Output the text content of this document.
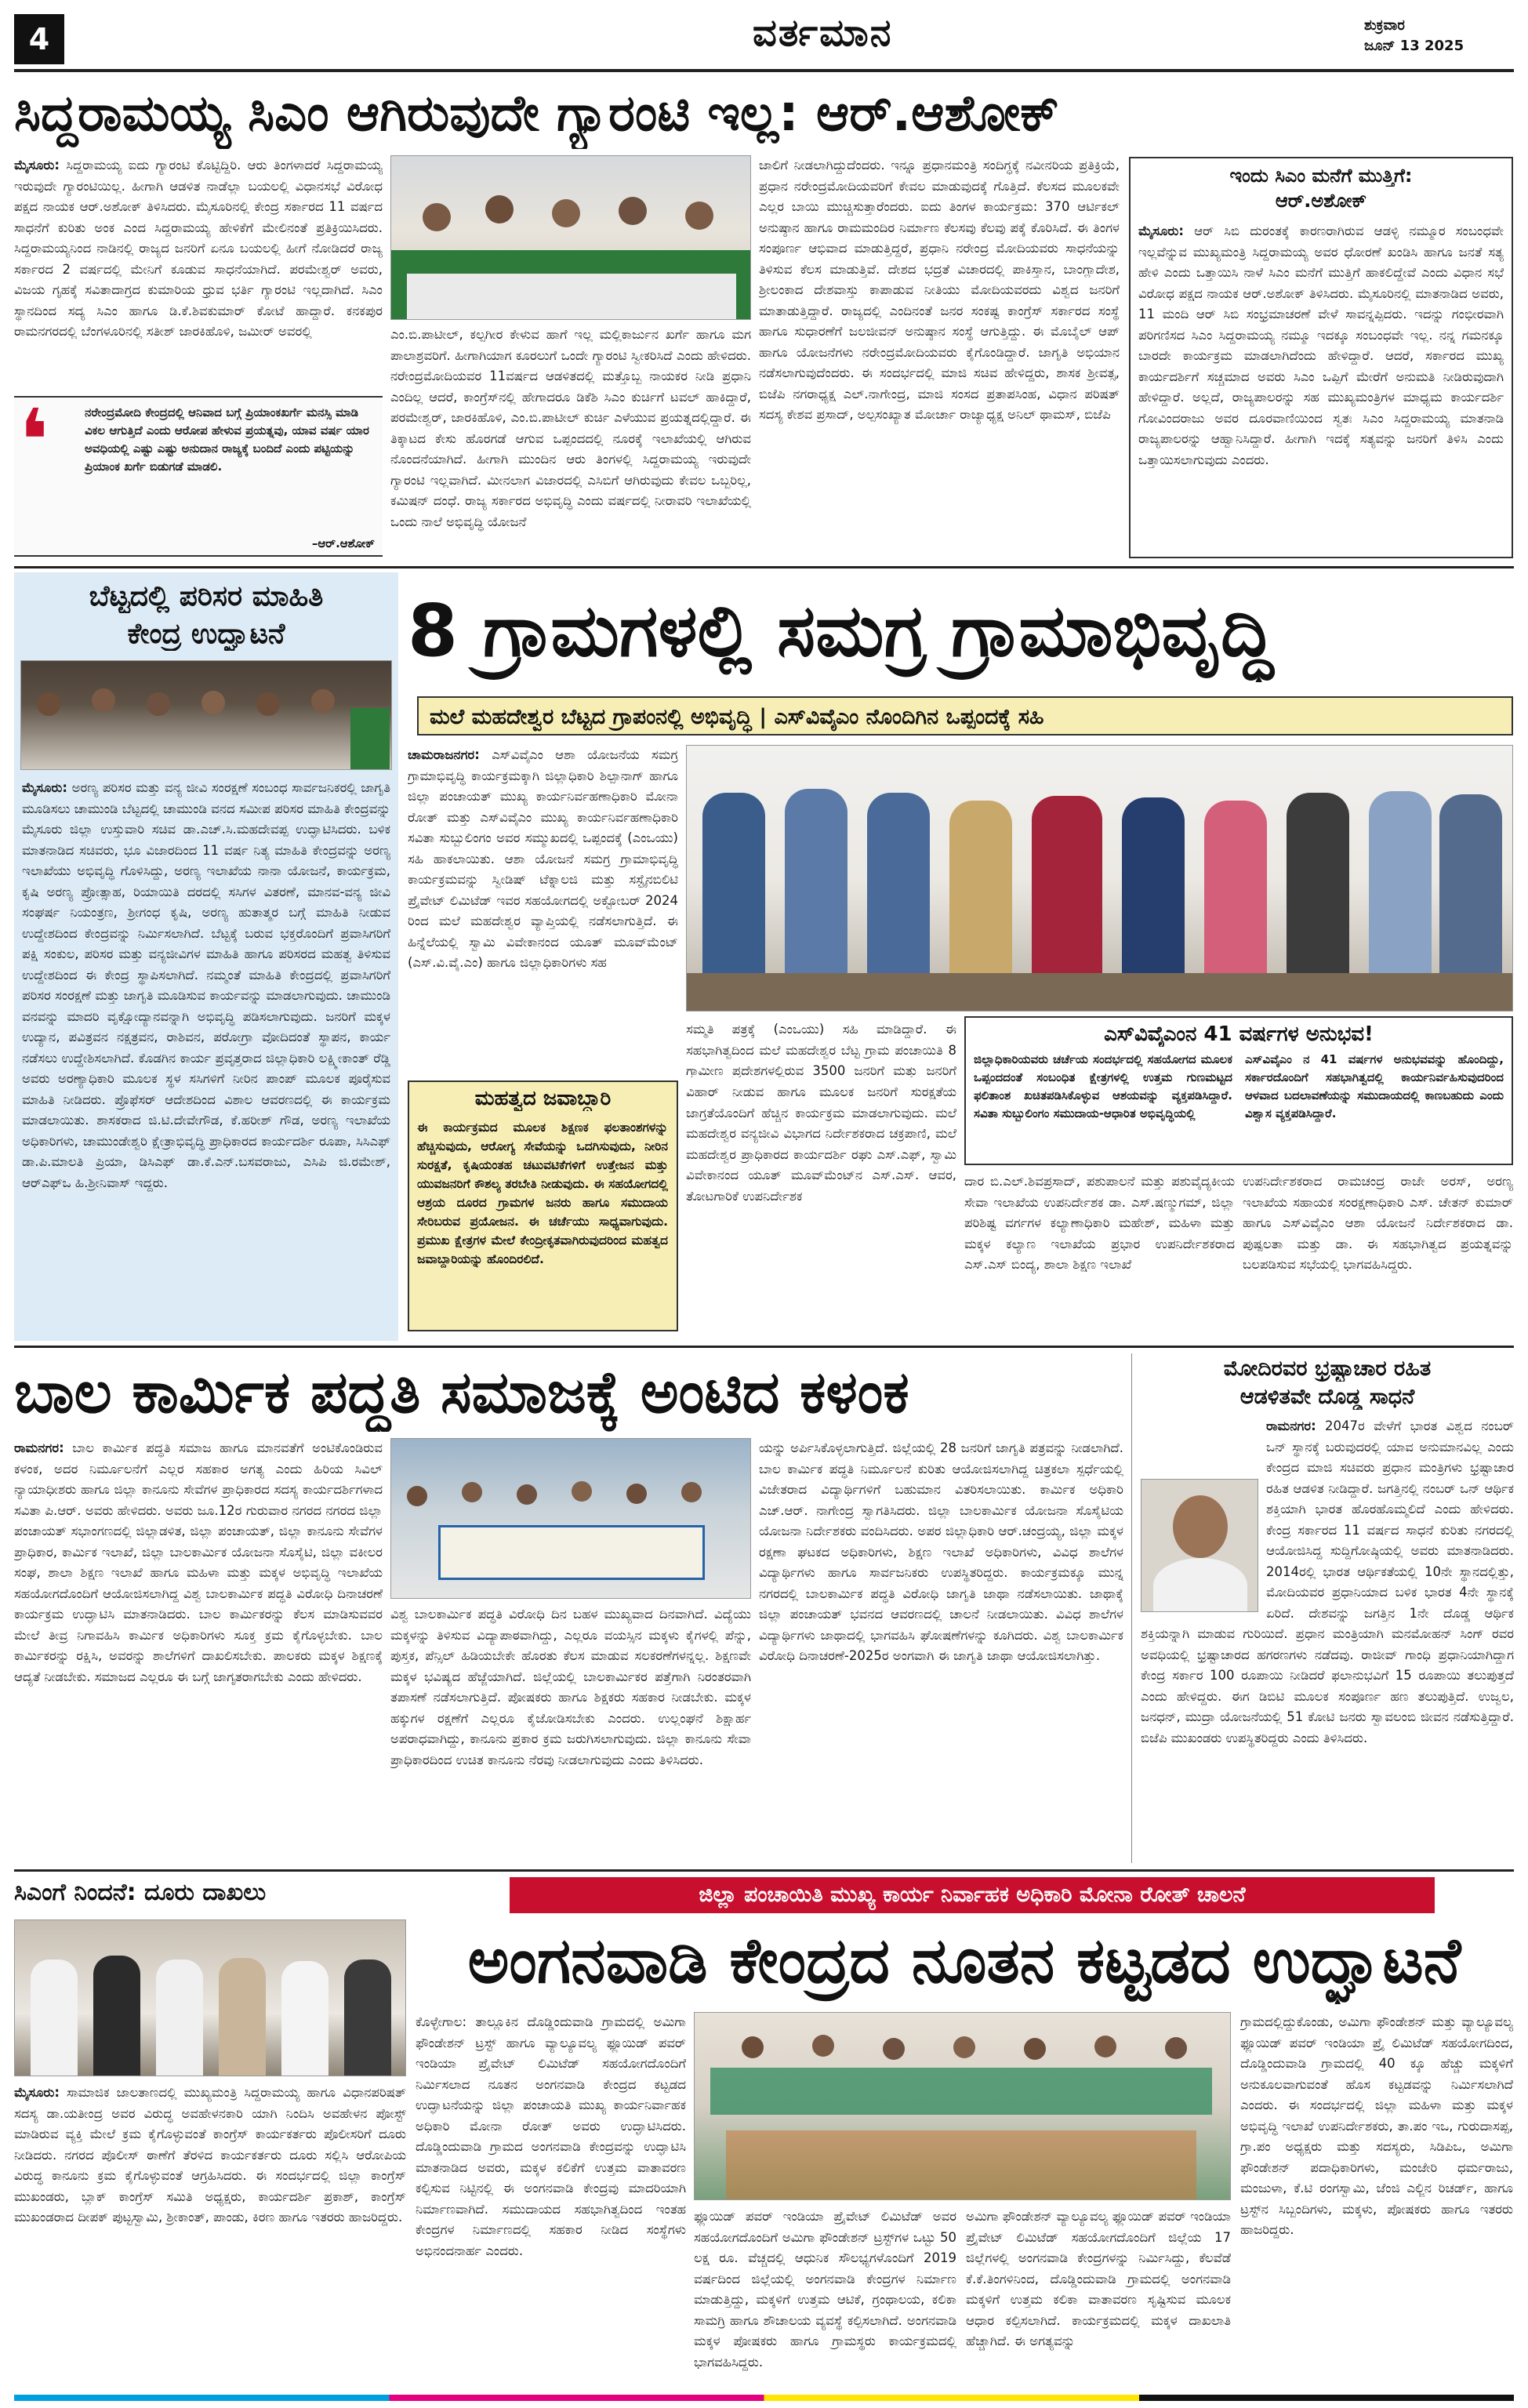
4	ವರ್ತಮಾನ	ಶುಕ್ರವಾರ
ಜೂನ್ 13 2025
ಸಿದ್ದರಾಮಯ್ಯ ಸಿಎಂ ಆಗಿರುವುದೇ ಗ್ಯಾರಂಟಿ ಇಲ್ಲ: ಆರ್.ಆಶೋಕ್
ಮೈಸೂರು: ಸಿದ್ದರಾಮಯ್ಯ ಐದು ಗ್ಯಾರಂಟಿ ಕೊಟ್ಟಿದ್ದಿರಿ. ಆರು ತಿಂಗಳಾದರೆ ಸಿದ್ದರಾಮಯ್ಯ ಇರುವುದೇ ಗ್ಯಾರಂಟಿಯಿಲ್ಲ. ಹೀಗಾಗಿ ಆಡಳಿತ ನಾಡೆಲ್ಲಾ ಬಯಲಲ್ಲಿ ವಿಧಾನಸಭೆ ವಿರೋಧ ಪಕ್ಷದ ನಾಯಕ ಆರ್.ಅಶೋಕ್ ತಿಳಿಸಿದರು. ಮೈಸೂರಿನಲ್ಲಿ ಕೇಂದ್ರ ಸರ್ಕಾರದ 11 ವರ್ಷದ ಸಾಧನೆಗೆ ಕುರಿತು ಅಂಕ ಎಂದ ಸಿದ್ದರಾಮಯ್ಯ ಹೇಳಿಕೆಗೆ ಮೇಲಿನಂತೆ ಪ್ರತಿಕ್ರಿಯಿಸಿದರು. ಸಿದ್ದರಾಮಯ್ಯನಿಂದ ನಾಡಿನಲ್ಲಿ ರಾಜ್ಯದ ಜನರಿಗೆ ಏನೂ ಬಯಲಲ್ಲಿ ಹೀಗೆ ನೋಡಿದರೆ ರಾಜ್ಯ ಸರ್ಕಾರದ 2 ವರ್ಷದಲ್ಲಿ ಮೇನಿಗೆ ಕೂಡುವ ಸಾಧನೆಯಾಗಿದೆ. ಪರಮೇಶ್ವರ್ ಅವರು, ವಿಜಯ ಗೃಹಕ್ಕೆ ಸವಿತಾದಾಗ್ರದ ಕುಮಾರಿಯ ಧ್ರುವ ಭರ್ತಿ ಗ್ಯಾರಂಟಿ ಇಲ್ಲದಾಗಿದೆ. ಸಿಎಂ ಸ್ಥಾನದಿಂದ ಸದ್ಯ ಸಿಎಂ ಹಾಗೂ ಡಿ.ಕೆ.ಶಿವಕುಮಾರ್ ಕೋಟೆ ಹಾದ್ದಾರೆ. ಕನಕಪುರ ರಾಮನಗರದಲ್ಲಿ ಬೆಂಗಳೂರಿನಲ್ಲಿ ಸತೀಶ್ ಜಾರಕಿಹೊಳಿ, ಜಮೀರ್ ಅವರಲ್ಲಿ
❛	ನರೇಂದ್ರಮೋದಿ ಕೇಂದ್ರದಲ್ಲಿ ಆನಿವಾದ ಬಗ್ಗೆ ಪ್ರಿಯಾಂಕಖರ್ಗೆ ಮನಸ್ಸಿ ಮಾಡಿ ವಿಕಲ ಆಗುತ್ತಿದೆ ಎಂದು ಆರೋಪ ಹೇಳುವ ಪ್ರಯತ್ನವು, ಯಾವ ವರ್ಷ ಯಾರ ಅವಧಿಯಲ್ಲಿ ಎಷ್ಟು ಎಷ್ಟು ಅನುದಾನ ರಾಜ್ಯಕ್ಕೆ ಬಂದಿದೆ ಎಂದು ಪಟ್ಟಿಯನ್ನು ಪ್ರಿಯಾಂಕ ಖರ್ಗೆ ಬಿಡುಗಡೆ ಮಾಡಲಿ.
–ಆರ್.ಆಶೋಕ್
ಎಂ.ಬಿ.ಪಾಟೀಲ್, ಕಲ್ಪಗೀರ ಕೇಳುವ ಹಾಗೆ ಇಲ್ಲ ಮಲ್ಲಿಕಾರ್ಜುನ ಖರ್ಗೆ ಹಾಗೂ ಮಗ ಪಾಲಾಶ್ರವರಿಗೆ. ಹೀಗಾಗಿಯಾಗ ಕೂರಲುಗೆ ಒಂದೇ ಗ್ಯಾರಂಟಿ ಸ್ವೀಕರಿಸಿದೆ ಎಂದು ಹೇಳಿದರು. ನರೇಂದ್ರಮೋದಿಯವರ 11ವರ್ಷದ ಆಡಳಿತದಲ್ಲಿ ಮತ್ತೊಬ್ಬ ನಾಯಕರ ನೀಡಿ ಪ್ರಧಾನಿ ಎಂದಿಲ್ಲ ಆದರೆ, ಕಾಂಗ್ರೆಸ್‌ನಲ್ಲಿ ಹೇಗಾದರೂ ಡಿಕೆಶಿ ಸಿಎಂ ಕುರ್ಚಿಗೆ ಟವಲ್ ಹಾಕಿದ್ದಾರೆ, ಪರಮೇಶ್ವರ್, ಜಾರಕಿಹೊಳಿ, ಎಂ.ಬಿ.ಪಾಟೀಲ್ ಕುರ್ಚಿ ಎಳೆಯುವ ಪ್ರಯತ್ನದಲ್ಲಿದ್ದಾರೆ. ಈ ತಿಕ್ಕಾಟದ ಕೇಸು ಹೊರಗಡೆ ಆಗುವ ಒಪ್ಪಂದದಲ್ಲಿ ನೂರಕ್ಕೆ ಇಲಾಖೆಯಲ್ಲಿ ಆಗಿರುವ ನೊಂದನೆಯಾಗಿದೆ. ಹೀಗಾಗಿ ಮುಂದಿನ ಆರು ತಿಂಗಳಲ್ಲಿ ಸಿದ್ದರಾಮಯ್ಯ ಇರುವುದೇ ಗ್ಯಾರಂಟಿ ಇಲ್ಲವಾಗಿದೆ. ಮೀನಲಾಗ ವಿಜಾರದಲ್ಲಿ ಎಸಿಬಿಗೆ ಆಗಿರುವುದು ಕೇವಲ ಒಬ್ಬರಿಲ್ಲ, ಕಮಿಷನ್ ದಂಧೆ. ರಾಜ್ಯ ಸರ್ಕಾರದ ಅಭಿವೃದ್ಧಿ ಎಂದು ವರ್ಷದಲ್ಲಿ ನೀರಾವರಿ ಇಲಾಖೆಯಲ್ಲಿ ಒಂದು ನಾಲೆ ಅಭಿವೃದ್ಧಿ ಯೋಜನೆ
ಜಾಲಿಗೆ ನೀಡಲಾಗಿದ್ದುದೆಂದರು. ಇನ್ನೂ ಪ್ರಧಾನಮಂತ್ರಿ ಸಂದಿಗ್ಧಕ್ಕೆ ನವೀನರಿಯ ಪ್ರತಿಕ್ರಿಯೆ, ಪ್ರಧಾನ ನರೇಂದ್ರಮೋದಿಯವರಿಗೆ ಕೇವಲ ಮಾಡುವುದಕ್ಕೆ ಗೊತ್ತಿದೆ. ಕೆಲಸದ ಮೂಲಕವೇ ಎಲ್ಲರ ಬಾಯಿ ಮುಚ್ಚಿಸುತ್ತಾರೆಂದರು. ಐದು ತಿಂಗಳ ಕಾರ್ಯಕ್ರಮ: 370 ಆರ್ಟಿಕಲ್ ಅನುಷ್ಠಾನ ಹಾಗೂ ರಾಮಮಂದಿರ ನಿರ್ಮಾಣ ಕೆಲಸವು ಕೆಲವು ಪಕ್ಕೆ ಕೊರಿಸಿದೆ. ಈ ತಿಂಗಳ ಸಂಪೂರ್ಣ ಆಭಿವಾದ ಮಾಡುತ್ತಿದ್ದರೆ, ಪ್ರಧಾನಿ ನರೇಂದ್ರ ಮೋದಿಯವರು ಸಾಧನೆಯನ್ನು ತಿಳಿಸುವ ಕೆಲಸ ಮಾಡುತ್ತಿವೆ. ದೇಶದ ಭದ್ರತೆ ವಿಚಾರದಲ್ಲಿ ಪಾಕಿಸ್ತಾನ, ಬಾಂಗ್ಲಾದೇಶ, ಶ್ರೀಲಂಕಾದ ದೇಶವಾಸ್ತು ಕಾಪಾಡುವ ನೀತಿಯು ಮೋದಿಯವರದು ವಿಶ್ವದ ಜನರಿಗೆ ಮಾತಾಡುತ್ತಿದ್ದಾರೆ. ರಾಜ್ಯದಲ್ಲಿ ಎಂದಿನಂತೆ ಜನರ ಸಂಕಷ್ಟ ಕಾಂಗ್ರೆಸ್ ಸರ್ಕಾರದ ಸಂಸ್ಥೆ ಹಾಗೂ ಸುಧಾರಣೆಗೆ ಜಲಜೀವನ್ ಅನುಷ್ಠಾನ ಸಂಸ್ಥೆ ಆಗುತ್ತಿದ್ದು. ಈ ಮೊಬೈಲ್ ಆಪ್ ಹಾಗೂ ಯೋಜನೆಗಳು ನರೇಂದ್ರಮೋದಿಯವರು ಕೈಗೊಂಡಿದ್ದಾರೆ. ಜಾಗೃತಿ ಅಭಿಯಾನ ನಡೆಸಲಾಗುವುದೆಂದರು. ಈ ಸಂದರ್ಭದಲ್ಲಿ ಮಾಜಿ ಸಚಿವ ಹೇಳಿದ್ದರು, ಶಾಸಕ ಶ್ರೀವತ್ಸ, ಬಿಜೆಪಿ ನಗರಾಧ್ಯಕ್ಷ ಎಲ್.ನಾಗೇಂದ್ರ, ಮಾಜಿ ಸಂಸದ ಪ್ರತಾಪಸಿಂಹ, ವಿಧಾನ ಪರಿಷತ್ ಸದಸ್ಯ ಕೇಶವ ಪ್ರಸಾದ್, ಅಲ್ಪಸಂಖ್ಯಾತ ಮೋರ್ಚಾ ರಾಜ್ಯಾಧ್ಯಕ್ಷ ಅನಿಲ್ ಥಾಮಸ್, ಬಿಜೆಪಿ
ಇಂದು ಸಿಎಂ ಮನೆಗೆ ಮುತ್ತಿಗೆ:
ಆರ್.ಅಶೋಕ್
ಮೈಸೂರು: ಆರ್ ಸಿಬಿ ದುರಂತಕ್ಕೆ ಕಾರಣರಾಗಿರುವ ಆಡಳ್ಳಿ ನಮ್ಮೂರ ಸಂಬಂಧವೇ ಇಲ್ಲವೆನ್ನುವ ಮುಖ್ಯಮಂತ್ರಿ ಸಿದ್ದರಾಮಯ್ಯ ಅವರ ಧೋರಣೆ ಖಂಡಿಸಿ ಹಾಗೂ ಜನತೆ ಸತ್ಯ ಹೇಳಿ ಎಂದು ಒತ್ತಾಯಿಸಿ ನಾಳೆ ಸಿಎಂ ಮನೆಗೆ ಮುತ್ತಿಗೆ ಹಾಕಲಿದ್ದೇವೆ ಎಂದು ವಿಧಾನ ಸಭೆ ವಿರೋಧ ಪಕ್ಷದ ನಾಯಕ ಆರ್.ಅಶೋಕ್ ತಿಳಿಸಿದರು. ಮೈಸೂರಿನಲ್ಲಿ ಮಾತನಾಡಿದ ಅವರು, 11 ಮಂದಿ ಆರ್ ಸಿಬಿ ಸಂಭ್ರಮಾಚರಣೆ ವೇಳೆ ಸಾವನ್ನಪ್ಪಿದರು. ಇದನ್ನು ಗಂಭೀರವಾಗಿ ಪರಿಗಣಿಸದ ಸಿಎಂ ಸಿದ್ದರಾಮಯ್ಯ ನಮ್ಮೂ ಇದಕ್ಕೂ ಸಂಬಂಧವೇ ಇಲ್ಲ. ನನ್ನ ಗಮನಕ್ಕೂ ಬಾರದೇ ಕಾರ್ಯಕ್ರಮ ಮಾಡಲಾಗಿದೆಂದು ಹೇಳಿದ್ದಾರೆ. ಆದರೆ, ಸರ್ಕಾರದ ಮುಖ್ಯ ಕಾರ್ಯದರ್ಶಿಗೆ ಸಚ್ಚಮಾದ ಅವರು ಸಿಎಂ ಒಪ್ಪಿಗೆ ಮೇರೆಗೆ ಅನುಮತಿ ನೀಡಿರುವುದಾಗಿ ಹೇಳಿದ್ದಾರೆ. ಅಲ್ಲದೆ, ರಾಜ್ಯಪಾಲರನ್ನು ಸಹ ಮುಖ್ಯಮಂತ್ರಿಗಳ ಮಾಧ್ಯಮ ಕಾರ್ಯದರ್ಶಿ ಗೋವಿಂದರಾಜು ಅವರ ದೂರವಾಣಿಯಿಂದ ಸ್ವತಃ ಸಿಎಂ ಸಿದ್ದರಾಮಯ್ಯ ಮಾತನಾಡಿ ರಾಜ್ಯಪಾಲರನ್ನು ಆಹ್ವಾನಿಸಿದ್ದಾರೆ. ಹೀಗಾಗಿ ಇದಕ್ಕೆ ಸತ್ಯವನ್ನು ಜನರಿಗೆ ತಿಳಿಸಿ ಎಂದು ಒತ್ತಾಯಿಸಲಾಗುವುದು ಎಂದರು.
ಬೆಟ್ಟದಲ್ಲಿ ಪರಿಸರ ಮಾಹಿತಿ
ಕೇಂದ್ರ ಉದ್ಘಾಟನೆ
ಮೈಸೂರು: ಅರಣ್ಯ ಪರಿಸರ ಮತ್ತು ವನ್ಯ ಜೀವಿ ಸಂರಕ್ಷಣೆ ಸಂಬಂಧ ಸಾರ್ವಜನಿಕರಲ್ಲಿ ಜಾಗೃತಿ ಮೂಡಿಸಲು ಚಾಮುಂಡಿ ಬೆಟ್ಟದಲ್ಲಿ ಚಾಮುಂಡಿ ವನದ ಸಮೀಪ ಪರಿಸರ ಮಾಹಿತಿ ಕೇಂದ್ರವನ್ನು ಮೈಸೂರು ಜಿಲ್ಲಾ ಉಸ್ತುವಾರಿ ಸಚಿವ ಡಾ.ಎಚ್.ಸಿ.ಮಹದೇವಪ್ಪ ಉದ್ಘಾಟಿಸಿದರು. ಬಳಿಕ ಮಾತನಾಡಿದ ಸಚಿವರು, ಭೂ ವಿಜಾರದಿಂದ 11 ವರ್ಷ ನಿತ್ಯ ಮಾಹಿತಿ ಕೇಂದ್ರವನ್ನು ಅರಣ್ಯ ಇಲಾಖೆಯು ಅಭಿವೃದ್ಧಿ ಗೊಳಿಸಿದ್ದು, ಅರಣ್ಯ ಇಲಾಖೆಯ ನಾನಾ ಯೋಜನೆ, ಕಾರ್ಯಕ್ರಮ, ಕೃಷಿ ಅರಣ್ಯ ಪ್ರೋತ್ಸಾಹ, ರಿಯಾಯಿತಿ ದರದಲ್ಲಿ ಸಸಿಗಳ ವಿತರಣೆ, ಮಾನವ-ವನ್ಯ ಜೀವಿ ಸಂಘರ್ಷ ನಿಯಂತ್ರಣ, ಶ್ರೀಗಂಧ ಕೃಷಿ, ಅರಣ್ಯ ಹುತಾತ್ಮರ ಬಗ್ಗೆ ಮಾಹಿತಿ ನೀಡುವ ಉದ್ದೇಶದಿಂದ ಕೇಂದ್ರವನ್ನು ನಿರ್ಮಿಸಲಾಗಿದೆ. ಬೆಟ್ಟಕ್ಕೆ ಬರುವ ಭಕ್ತರೊಂದಿಗೆ ಪ್ರವಾಸಿಗರಿಗೆ ಪಕ್ಷಿ ಸಂಕುಲ, ಪರಿಸರ ಮತ್ತು ವನ್ಯಜೀವಿಗಳ ಮಾಹಿತಿ ಹಾಗೂ ಪರಿಸರದ ಮಹತ್ವ ತಿಳಿಸುವ ಉದ್ದೇಶದಿಂದ ಈ ಕೇಂದ್ರ ಸ್ಥಾಪಿಸಲಾಗಿದೆ. ನಮ್ಮಂತೆ ಮಾಹಿತಿ ಕೇಂದ್ರದಲ್ಲಿ ಪ್ರವಾಸಿಗರಿಗೆ ಪರಿಸರ ಸಂರಕ್ಷಣೆ ಮತ್ತು ಜಾಗೃತಿ ಮೂಡಿಸುವ ಕಾರ್ಯವನ್ನು ಮಾಡಲಾಗುವುದು. ಚಾಮುಂಡಿ ವನವನ್ನು ಮಾದರಿ ವೃಕ್ಷೋದ್ಯಾನವನ್ನಾಗಿ ಅಭಿವೃದ್ಧಿ ಪಡಿಸಲಾಗುವುದು. ಜನರಿಗೆ ಮಕ್ಕಳ ಉದ್ಯಾನ, ಪವಿತ್ರವನ ನಕ್ಷತ್ರವನ, ರಾಶಿವನ, ಪರೋಗ್ರಾ ವೋದಿದಂತೆ ಸ್ಥಾಪನ, ಕಾರ್ಯ ನಡೆಸಲು ಉದ್ದೇಶಿಸಲಾಗಿದೆ. ಕೊಡಗಿನ ಕಾರ್ಯ ಪ್ರವೃತ್ತರಾದ ಜಿಲ್ಲಾಧಿಕಾರಿ ಲಕ್ಷ್ಮೀಕಾಂತ್ ರೆಡ್ಡಿ ಅವರು ಅರಣ್ಯಾಧಿಕಾರಿ ಮೂಲಕ ಸ್ಥಳ ಸಸಿಗಳಿಗೆ ನೀರಿನ ಪಾಂಪ್ ಮೂಲಕ ಪೂರೈಸುವ ಮಾಹಿತಿ ನೀಡಿದರು. ಪ್ರೊಫೆಸರ್ ಆದೇಶದಿಂದ ವಿಶಾಲ ಆವರಣದಲ್ಲಿ ಈ ಕಾರ್ಯಕ್ರಮ ಮಾಡಲಾಯಿತು. ಶಾಸಕರಾದ ಜಿ.ಟಿ.ದೇವೇಗೌಡ, ಕೆ.ಹರೀಶ್ ಗೌಡ, ಅರಣ್ಯ ಇಲಾಖೆಯ ಅಧಿಕಾರಿಗಳು, ಚಾಮುಂಡೇಶ್ವರಿ ಕ್ಷೇತ್ರಾಭಿವೃದ್ಧಿ ಪ್ರಾಧಿಕಾರದ ಕಾರ್ಯದರ್ಶಿ ರೂಪಾ, ಸಿಸಿಎಫ್ ಡಾ.ಪಿ.ಮಾಲತಿ ಪ್ರಿಯಾ, ಡಿಸಿಎಫ್ ಡಾ.ಕೆ.ಎನ್.ಬಸವರಾಜು, ಎಸಿಪಿ ಜಿ.ರಮೇಶ್, ಆರ್‌ಎಫ್ಒ ಹಿ.ಶ್ರೀನಿವಾಸ್ ಇದ್ದರು.
8 ಗ್ರಾಮಗಳಲ್ಲಿ ಸಮಗ್ರ ಗ್ರಾಮಾಭಿವೃದ್ಧಿ
ಮಲೆ ಮಹದೇಶ್ವರ ಬೆಟ್ಟದ ಗ್ರಾಪಂನಲ್ಲಿ ಅಭಿವೃದ್ಧಿ | ಎಸ್‌ವಿವೈಎಂ ನೊಂದಿಗಿನ ಒಪ್ಪಂದಕ್ಕೆ ಸಹಿ
ಚಾಮರಾಜನಗರ: ಎಸ್‌ವಿವೈಎಂ ಆಶಾ ಯೋಜನೆಯ ಸಮಗ್ರ ಗ್ರಾಮಾಭಿವೃದ್ಧಿ ಕಾರ್ಯಕ್ರಮಕ್ಕಾಗಿ ಜಿಲ್ಲಾಧಿಕಾರಿ ಶಿಲ್ಪಾನಾಗ್ ಹಾಗೂ ಜಿಲ್ಲಾ ಪಂಚಾಯತ್ ಮುಖ್ಯ ಕಾರ್ಯನಿರ್ವಹಣಾಧಿಕಾರಿ ಮೋನಾ ರೋತ್ ಮತ್ತು ಎಸ್‌ವಿವೈಎಂ ಮುಖ್ಯ ಕಾರ್ಯನಿರ್ವಹಣಾಧಿಕಾರಿ ಸವಿತಾ ಸುಬ್ಬುಲಿಂಗಂ ಅವರ ಸಮ್ಮುಖದಲ್ಲಿ ಒಪ್ಪಂದಕ್ಕೆ (ಎಂಒಯು) ಸಹಿ ಹಾಕಲಾಯಿತು. ಆಶಾ ಯೋಜನೆ ಸಮಗ್ರ ಗ್ರಾಮಾಭಿವೃದ್ಧಿ ಕಾರ್ಯಕ್ರಮವನ್ನು ಸ್ವೀಡಿಷ್ ಟೆಕ್ನಾಲಜಿ ಮತ್ತು ಸಸ್ಟೈನಬಿಲಿಟಿ ಪ್ರೈವೇಟ್ ಲಿಮಿಟೆಡ್ ಇವರ ಸಹಯೋಗದಲ್ಲಿ ಅಕ್ಟೋಬರ್ 2024 ರಿಂದ ಮಲೆ ಮಹದೇಶ್ವರ ವ್ಯಾಪ್ತಿಯಲ್ಲಿ ನಡೆಸಲಾಗುತ್ತಿದೆ. ಈ ಹಿನ್ನೆಲೆಯಲ್ಲಿ ಸ್ವಾಮಿ ವಿವೇಕಾನಂದ ಯೂತ್ ಮೂವ್‌ಮೆಂಟ್ (ಎಸ್.ವಿ.ವೈ.ಎಂ) ಹಾಗೂ ಜಿಲ್ಲಾಧಿಕಾರಿಗಳು ಸಹ
ಸಮ್ಮತಿ ಪತ್ರಕ್ಕೆ (ಎಂಒಯು) ಸಹಿ ಮಾಡಿದ್ದಾರೆ. ಈ ಸಹಭಾಗಿತ್ವದಿಂದ ಮಲೆ ಮಹದೇಶ್ವರ ಬೆಟ್ಟ ಗ್ರಾಮ ಪಂಚಾಯಿತಿ 8 ಗ್ರಾಮೀಣ ಪ್ರದೇಶಗಳಲ್ಲಿರುವ 3500 ಜನರಿಗೆ ಮತ್ತು ಜನರಿಗೆ
ಎಸ್‌ವಿವೈಎಂನ 41 ವರ್ಷಗಳ ಅನುಭವ!
ಜಿಲ್ಲಾಧಿಕಾರಿಯವರು ಚರ್ಚೆಯ ಸಂದರ್ಭದಲ್ಲಿ ಸಹಯೋಗದ ಮೂಲಕ ಒಪ್ಪಂದದಂತೆ ಸಂಬಂಧಿತ ಕ್ಷೇತ್ರಗಳಲ್ಲಿ ಉತ್ತಮ ಗುಣಮಟ್ಟದ ಫಲಿತಾಂಶ ಖಚಿತಪಡಿಸಿಕೊಳ್ಳುವ ಆಶಯವನ್ನು ವ್ಯಕ್ತಪಡಿಸಿದ್ದಾರೆ. ಸವಿತಾ ಸುಬ್ಬುಲಿಂಗಂ ಸಮುದಾಯ-ಆಧಾರಿತ ಅಭಿವೃದ್ಧಿಯಲ್ಲಿ
ಎಸ್‌ವಿವೈಎಂ ನ 41 ವರ್ಷಗಳ ಅನುಭವವನ್ನು ಹೊಂದಿದ್ದು, ಸರ್ಕಾರದೊಂದಿಗೆ ಸಹಭಾಗಿತ್ವದಲ್ಲಿ ಕಾರ್ಯನಿರ್ವಹಿಸುವುದರಿಂದ ಆಳವಾದ ಬದಲಾವಣೆಯನ್ನು ಸಮುದಾಯದಲ್ಲಿ ಕಾಣಬಹುದು ಎಂದು ವಿಶ್ವಾಸ ವ್ಯಕ್ತಪಡಿಸಿದ್ದಾರೆ.
ಮಹತ್ವದ ಜವಾಬ್ದಾರಿ
ಈ ಕಾರ್ಯಕ್ರಮದ ಮೂಲಕ ಶಿಕ್ಷಣಕ ಫಲತಾಂಶಗಳನ್ನು ಹೆಚ್ಚಿಸುವುದು, ಆರೋಗ್ಯ ಸೇವೆಯನ್ನು ಒದಗಿಸುವುದು, ನೀರಿನ ಸುರಕ್ಷತೆ, ಕೃಷಿಯಂತಹ ಚಟುವಟಿಕೆಗಳಿಗೆ ಉತ್ತೇಜನ ಮತ್ತು ಯುವಜನರಿಗೆ ಕೌಶಲ್ಯ ತರಬೇತಿ ನೀಡುವುದು. ಈ ಸಹಯೋಗದಲ್ಲಿ ಆಶ್ರಯ ದೂರದ ಗ್ರಾಮಗಳ ಜನರು ಹಾಗೂ ಸಮುದಾಯ ಸೇರಿಬರುವ ಪ್ರಯೋಜನ. ಈ ಚರ್ಚೆಯು ಸಾಧ್ಯವಾಗುವುದು. ಪ್ರಮುಖ ಕ್ಷೇತ್ರಗಳ ಮೇಲೆ ಕೇಂದ್ರೀಕೃತವಾಗಿರುವುದರಿಂದ ಮಹತ್ವದ ಜವಾಬ್ದಾರಿಯನ್ನು ಹೊಂದಿರಲಿದೆ.
ವಿಹಾರ್ ನೀಡುವ ಹಾಗೂ ಮೂಲಕ ಜನರಿಗೆ ಸುರಕ್ಷತೆಯ ಜಾಗ್ರತೆಯೊಂದಿಗೆ ಹೆಚ್ಚಿನ ಕಾರ್ಯಕ್ರಮ ಮಾಡಲಾಗುವುದು. ಮಲೆ ಮಹದೇಶ್ವರ ವನ್ಯಜೀವಿ ವಿಭಾಗದ ನಿರ್ದೇಶಕರಾದ ಚಕ್ರಪಾಣಿ, ಮಲೆ ಮಹದೇಶ್ವರ ಪ್ರಾಧಿಕಾರದ ಕಾರ್ಯದರ್ಶಿ ರಘು ಎಸ್.ಎಫ್, ಸ್ವಾಮಿ ವಿವೇಕಾನಂದ ಯೂತ್ ಮೂವ್‌ಮೆಂಟ್‌ನ ಎಸ್.ಎಸ್. ಆವರ, ತೋಟಗಾರಿಕೆ ಉಪನಿರ್ದೇಶಕ
ದಾರ ಬಿ.ಎಲ್.ಶಿವಪ್ರಸಾದ್, ಪಶುಪಾಲನೆ ಮತ್ತು ಪಶುವೈದ್ಯಕೀಯ ಸೇವಾ ಇಲಾಖೆಯ ಉಪನಿರ್ದೇಶಕ ಡಾ. ಎಸ್.ಷಣ್ಮುಗಮ್, ಜಿಲ್ಲಾ ಪರಿಶಿಷ್ಟ ವರ್ಗಗಳ ಕಲ್ಯಾಣಾಧಿಕಾರಿ ಮಹೇಶ್, ಮಹಿಳಾ ಮತ್ತು ಮಕ್ಕಳ ಕಲ್ಯಾಣ ಇಲಾಖೆಯ ಪ್ರಭಾರ ಉಪನಿರ್ದೇಶಕರಾದ ಎಸ್.ಎಸ್ ಬಿಂದ್ಯ, ಶಾಲಾ ಶಿಕ್ಷಣ ಇಲಾಖೆ
ಉಪನಿರ್ದೇಶಕರಾದ ರಾಮಚಂದ್ರ ರಾಜೇ ಅರಸ್, ಅರಣ್ಯ ಇಲಾಖೆಯ ಸಹಾಯಕ ಸಂರಕ್ಷಣಾಧಿಕಾರಿ ಎಸ್. ಚೇತನ್ ಕುಮಾರ್ ಹಾಗೂ ಎಸ್‌ವಿವೈಎಂ ಆಶಾ ಯೋಜನೆ ನಿರ್ದೇಶಕರಾದ ಡಾ. ಪುಷ್ಪಲತಾ ಮತ್ತು ಡಾ. ಈ ಸಹಭಾಗಿತ್ವದ ಪ್ರಯತ್ನವನ್ನು ಬಲಪಡಿಸುವ ಸಭೆಯಲ್ಲಿ ಭಾಗವಹಿಸಿದ್ದರು.
ಬಾಲ ಕಾರ್ಮಿಕ ಪದ್ಧತಿ ಸಮಾಜಕ್ಕೆ ಅಂಟಿದ ಕಳಂಕ
ರಾಮನಗರ: ಬಾಲ ಕಾರ್ಮಿಕ ಪದ್ಧತಿ ಸಮಾಜ ಹಾಗೂ ಮಾನವತೆಗೆ ಅಂಟಿಕೊಂಡಿರುವ ಕಳಂಕ, ಅದರ ನಿರ್ಮೂಲನೆಗೆ ಎಲ್ಲರ ಸಹಕಾರ ಅಗತ್ಯ ಎಂದು ಹಿರಿಯ ಸಿವಿಲ್ ನ್ಯಾಯಾಧೀಶರು ಹಾಗೂ ಜಿಲ್ಲಾ ಕಾನೂನು ಸೇವೆಗಳ ಪ್ರಾಧಿಕಾರದ ಸದಸ್ಯ ಕಾರ್ಯದರ್ಶಿಗಳಾದ ಸವಿತಾ ಪಿ.ಆರ್. ಅವರು ಹೇಳಿದರು. ಅವರು ಜೂ.12ರ ಗುರುವಾರ ನಗರದ ನಗರದ ಜಿಲ್ಲಾ ಪಂಚಾಯತ್ ಸಭಾಂಗಣದಲ್ಲಿ ಜಿಲ್ಲಾಡಳಿತ, ಜಿಲ್ಲಾ ಪಂಚಾಯತ್, ಜಿಲ್ಲಾ ಕಾನೂನು ಸೇವೆಗಳ ಪ್ರಾಧಿಕಾರ, ಕಾರ್ಮಿಕ ಇಲಾಖೆ, ಜಿಲ್ಲಾ ಬಾಲಕಾರ್ಮಿಕ ಯೋಜನಾ ಸೊಸೈಟಿ, ಜಿಲ್ಲಾ ವಕೀಲರ ಸಂಘ, ಶಾಲಾ ಶಿಕ್ಷಣ ಇಲಾಖೆ ಹಾಗೂ ಮಹಿಳಾ ಮತ್ತು ಮಕ್ಕಳ ಅಭಿವೃದ್ಧಿ ಇಲಾಖೆಯ ಸಹಯೋಗದೊಂದಿಗೆ ಆಯೋಜಿಸಲಾಗಿದ್ದ ವಿಶ್ವ ಬಾಲಕಾರ್ಮಿಕ ಪದ್ಧತಿ ವಿರೋಧಿ ದಿನಾಚರಣೆ ಕಾರ್ಯಕ್ರಮ ಉದ್ಘಾಟಿಸಿ ಮಾತನಾಡಿದರು. ಬಾಲ ಕಾರ್ಮಿಕರನ್ನು ಕೆಲಸ ಮಾಡಿಸುವವರ ಮೇಲೆ ತೀವ್ರ ನಿಗಾವಹಿಸಿ ಕಾರ್ಮಿಕ ಅಧಿಕಾರಿಗಳು ಸೂಕ್ತ ಕ್ರಮ ಕೈಗೊಳ್ಳಬೇಕು. ಬಾಲ ಕಾರ್ಮಿಕರನ್ನು ರಕ್ಷಿಸಿ, ಅವರನ್ನು ಶಾಲೆಗಳಿಗೆ ದಾಖಲಿಸಬೇಕು. ಪಾಲಕರು ಮಕ್ಕಳ ಶಿಕ್ಷಣಕ್ಕೆ ಆದ್ಯತೆ ನೀಡಬೇಕು. ಸಮಾಜದ ಎಲ್ಲರೂ ಈ ಬಗ್ಗೆ ಜಾಗೃತರಾಗಬೇಕು ಎಂದು ಹೇಳಿದರು.
ವಿಶ್ವ ಬಾಲಕಾರ್ಮಿಕ ಪದ್ಧತಿ ವಿರೋಧಿ ದಿನ ಬಹಳ ಮುಖ್ಯವಾದ ದಿನವಾಗಿದೆ. ವಿದ್ಯೆಯು ಮಕ್ಕಳನ್ನು ತಿಳಿಸುವ ವಿದ್ಯಾಪಾಠವಾಗಿದ್ದು, ಎಲ್ಲರೂ ವಯಸ್ಸಿನ ಮಕ್ಕಳು ಕೈಗಳಲ್ಲಿ ಪೆನ್ನು, ಪುಸ್ತಕ, ಪೆನ್ಸಿಲ್ ಹಿಡಿಯಬೇಕೇ ಹೊರತು ಕೆಲಸ ಮಾಡುವ ಸಲಕರಣೆಗಳನ್ನಲ್ಲ. ಶಿಕ್ಷಣವೇ ಮಕ್ಕಳ ಭವಿಷ್ಯದ ಹೆಜ್ಜೆಯಾಗಿದೆ. ಜಿಲ್ಲೆಯಲ್ಲಿ ಬಾಲಕಾರ್ಮಿಕರ ಪತ್ತೆಗಾಗಿ ನಿರಂತರವಾಗಿ ತಪಾಸಣೆ ನಡೆಸಲಾಗುತ್ತಿದೆ. ಪೋಷಕರು ಹಾಗೂ ಶಿಕ್ಷಕರು ಸಹಕಾರ ನೀಡಬೇಕು. ಮಕ್ಕಳ ಹಕ್ಕುಗಳ ರಕ್ಷಣೆಗೆ ಎಲ್ಲರೂ ಕೈಜೋಡಿಸಬೇಕು ಎಂದರು. ಉಲ್ಲಂಘನೆ ಶಿಕ್ಷಾರ್ಹ ಅಪರಾಧವಾಗಿದ್ದು, ಕಾನೂನು ಪ್ರಕಾರ ಕ್ರಮ ಜರುಗಿಸಲಾಗುವುದು. ಜಿಲ್ಲಾ ಕಾನೂನು ಸೇವಾ ಪ್ರಾಧಿಕಾರದಿಂದ ಉಚಿತ ಕಾನೂನು ನೆರವು ನೀಡಲಾಗುವುದು ಎಂದು ತಿಳಿಸಿದರು.
ಯನ್ನು ಅರ್ಪಿಸಿಕೊಳ್ಳಲಾಗುತ್ತಿದೆ. ಜಿಲ್ಲೆಯಲ್ಲಿ 28 ಜನರಿಗೆ ಜಾಗೃತಿ ಪತ್ರವನ್ನು ನೀಡಲಾಗಿದೆ. ಬಾಲ ಕಾರ್ಮಿಕ ಪದ್ಧತಿ ನಿರ್ಮೂಲನೆ ಕುರಿತು ಆಯೋಜಿಸಲಾಗಿದ್ದ ಚಿತ್ರಕಲಾ ಸ್ಪರ್ಧೆಯಲ್ಲಿ ವಿಜೇತರಾದ ವಿದ್ಯಾರ್ಥಿಗಳಿಗೆ ಬಹುಮಾನ ವಿತರಿಸಲಾಯಿತು. ಕಾರ್ಮಿಕ ಅಧಿಕಾರಿ ಎಚ್.ಆರ್. ನಾಗೇಂದ್ರ ಸ್ವಾಗತಿಸಿದರು. ಜಿಲ್ಲಾ ಬಾಲಕಾರ್ಮಿಕ ಯೋಜನಾ ಸೊಸೈಟಿಯ ಯೋಜನಾ ನಿರ್ದೇಶಕರು ವಂದಿಸಿದರು. ಅಪರ ಜಿಲ್ಲಾಧಿಕಾರಿ ಆರ್.ಚಂದ್ರಯ್ಯ, ಜಿಲ್ಲಾ ಮಕ್ಕಳ ರಕ್ಷಣಾ ಘಟಕದ ಅಧಿಕಾರಿಗಳು, ಶಿಕ್ಷಣ ಇಲಾಖೆ ಅಧಿಕಾರಿಗಳು, ವಿವಿಧ ಶಾಲೆಗಳ ವಿದ್ಯಾರ್ಥಿಗಳು ಹಾಗೂ ಸಾರ್ವಜನಿಕರು ಉಪಸ್ಥಿತರಿದ್ದರು. ಕಾರ್ಯಕ್ರಮಕ್ಕೂ ಮುನ್ನ ನಗರದಲ್ಲಿ ಬಾಲಕಾರ್ಮಿಕ ಪದ್ಧತಿ ವಿರೋಧಿ ಜಾಗೃತಿ ಜಾಥಾ ನಡೆಸಲಾಯಿತು. ಜಾಥಾಕ್ಕೆ ಜಿಲ್ಲಾ ಪಂಚಾಯತ್ ಭವನದ ಆವರಣದಲ್ಲಿ ಚಾಲನೆ ನೀಡಲಾಯಿತು. ವಿವಿಧ ಶಾಲೆಗಳ ವಿದ್ಯಾರ್ಥಿಗಳು ಜಾಥಾದಲ್ಲಿ ಭಾಗವಹಿಸಿ ಘೋಷಣೆಗಳನ್ನು ಕೂಗಿದರು. ವಿಶ್ವ ಬಾಲಕಾರ್ಮಿಕ ವಿರೋಧಿ ದಿನಾಚರಣೆ-2025ರ ಅಂಗವಾಗಿ ಈ ಜಾಗೃತಿ ಜಾಥಾ ಆಯೋಜಿಸಲಾಗಿತ್ತು.
ಮೋದಿರವರ ಭ್ರಷ್ಟಾಚಾರ ರಹಿತ
ಆಡಳಿತವೇ ದೊಡ್ಡ ಸಾಧನೆ
ರಾಮನಗರ: 2047ರ ವೇಳೆಗೆ ಭಾರತ ವಿಶ್ವದ ನಂಬರ್ ಒನ್ ಸ್ಥಾನಕ್ಕೆ ಬರುವುದರಲ್ಲಿ ಯಾವ ಅನುಮಾನವಿಲ್ಲ ಎಂದು ಕೇಂದ್ರದ ಮಾಜಿ ಸಚಿವರು ಪ್ರಧಾನ ಮಂತ್ರಿಗಳು ಭ್ರಷ್ಟಾಚಾರ ರಹಿತ ಆಡಳಿತ ನೀಡಿದ್ದಾರೆ. ಜಗತ್ತಿನಲ್ಲಿ ನಂಬರ್ ಒನ್ ಆರ್ಥಿಕ ಶಕ್ತಿಯಾಗಿ ಭಾರತ ಹೊರಹೊಮ್ಮಲಿದೆ ಎಂದು ಹೇಳಿದರು. ಕೇಂದ್ರ ಸರ್ಕಾರದ 11 ವರ್ಷದ ಸಾಧನೆ ಕುರಿತು ನಗರದಲ್ಲಿ ಆಯೋಜಿಸಿದ್ದ ಸುದ್ದಿಗೋಷ್ಠಿಯಲ್ಲಿ ಅವರು ಮಾತನಾಡಿದರು. 2014ರಲ್ಲಿ ಭಾರತ ಆರ್ಥಿಕತೆಯಲ್ಲಿ 10ನೇ ಸ್ಥಾನದಲ್ಲಿತ್ತು, ಮೋದಿಯವರ ಪ್ರಧಾನಿಯಾದ ಬಳಿಕ ಭಾರತ 4ನೇ ಸ್ಥಾನಕ್ಕೆ ಏರಿದೆ. ದೇಶವನ್ನು ಜಗತ್ತಿನ 1ನೇ ದೊಡ್ಡ ಆರ್ಥಿಕ ಶಕ್ತಿಯನ್ನಾಗಿ ಮಾಡುವ ಗುರಿಯಿದೆ. ಪ್ರಧಾನ ಮಂತ್ರಿಯಾಗಿ ಮನಮೋಹನ್ ಸಿಂಗ್ ರವರ ಅವಧಿಯಲ್ಲಿ ಭ್ರಷ್ಟಾಚಾರದ ಹಗರಣಗಳು ನಡೆದವು. ರಾಜೀವ್ ಗಾಂಧಿ ಪ್ರಧಾನಿಯಾಗಿದ್ದಾಗ ಕೇಂದ್ರ ಸರ್ಕಾರ 100 ರೂಪಾಯಿ ನೀಡಿದರೆ ಫಲಾನುಭವಿಗೆ 15 ರೂಪಾಯಿ ತಲುಪುತ್ತದೆ ಎಂದು ಹೇಳಿದ್ದರು. ಈಗ ಡಿಬಿಟಿ ಮೂಲಕ ಸಂಪೂರ್ಣ ಹಣ ತಲುಪುತ್ತಿದೆ. ಉಜ್ವಲ, ಜನಧನ್, ಮುದ್ರಾ ಯೋಜನೆಯಲ್ಲಿ 51 ಕೋಟಿ ಜನರು ಸ್ವಾವಲಂಬಿ ಜೀವನ ನಡೆಸುತ್ತಿದ್ದಾರೆ. ಬಿಜೆಪಿ ಮುಖಂಡರು ಉಪಸ್ಥಿತರಿದ್ದರು ಎಂದು ತಿಳಿಸಿದರು.
ಸಿಎಂಗೆ ನಿಂದನೆ: ದೂರು ದಾಖಲು
ಮೈಸೂರು: ಸಾಮಾಜಿಕ ಜಾಲತಾಣದಲ್ಲಿ ಮುಖ್ಯಮಂತ್ರಿ ಸಿದ್ದರಾಮಯ್ಯ ಹಾಗೂ ವಿಧಾನಪರಿಷತ್ ಸದಸ್ಯ ಡಾ.ಯತೀಂದ್ರ ಅವರ ವಿರುದ್ಧ ಅವಹೇಳನಕಾರಿ ಯಾಗಿ ನಿಂದಿಸಿ ಅವಹೇಳನ ಪೋಸ್ಟ್ ಮಾಡಿರುವ ವ್ಯಕ್ತಿ ಮೇಲೆ ಕ್ರಮ ಕೈಗೊಳ್ಳುವಂತೆ ಕಾಂಗ್ರೆಸ್ ಕಾರ್ಯಕರ್ತರು ಪೊಲೀಸರಿಗೆ ದೂರು ನೀಡಿದರು. ನಗರದ ಪೊಲೀಸ್ ಠಾಣೆಗೆ ತೆರಳಿದ ಕಾರ್ಯಕರ್ತರು ದೂರು ಸಲ್ಲಿಸಿ ಆರೋಪಿಯ ವಿರುದ್ಧ ಕಾನೂನು ಕ್ರಮ ಕೈಗೊಳ್ಳುವಂತೆ ಆಗ್ರಹಿಸಿದರು. ಈ ಸಂದರ್ಭದಲ್ಲಿ ಜಿಲ್ಲಾ ಕಾಂಗ್ರೆಸ್ ಮುಖಂಡರು, ಬ್ಲಾಕ್ ಕಾಂಗ್ರೆಸ್ ಸಮಿತಿ ಅಧ್ಯಕ್ಷರು, ಕಾರ್ಯದರ್ಶಿ ಪ್ರಕಾಶ್, ಕಾಂಗ್ರೆಸ್ ಮುಖಂಡರಾದ ದೀಪಕ್ ಪುಟ್ಟಸ್ವಾಮಿ, ಶ್ರೀಕಾಂತ್, ಪಾಂಡು, ಕಿರಣ ಹಾಗೂ ಇತರರು ಹಾಜರಿದ್ದರು.
ಜಿಲ್ಲಾ ಪಂಚಾಯಿತಿ ಮುಖ್ಯ ಕಾರ್ಯ ನಿರ್ವಾಹಕ ಅಧಿಕಾರಿ ಮೋನಾ ರೋತ್ ಚಾಲನೆ
ಅಂಗನವಾಡಿ ಕೇಂದ್ರದ ನೂತನ ಕಟ್ಟಡದ ಉದ್ಘಾಟನೆ
ಕೊಳ್ಳೇಗಾಲ: ತಾಲ್ಲೂಕಿನ ದೊಡ್ಡಿಂದುವಾಡಿ ಗ್ರಾಮದಲ್ಲಿ ಅಮಿಗಾ ಫೌಂಡೇಶನ್ ಟ್ರಸ್ಟ್ ಹಾಗೂ ವ್ಯಾಲ್ಯೂವಲ್ಯ ಫ್ಲೂಯಿಡ್ ಪವರ್ ಇಂಡಿಯಾ ಪ್ರೈವೇಟ್ ಲಿಮಿಟೆಡ್ ಸಹಯೋಗದೊಂದಿಗೆ ನಿರ್ಮಿಸಲಾದ ನೂತನ ಅಂಗನವಾಡಿ ಕೇಂದ್ರದ ಕಟ್ಟಡದ ಉದ್ಘಾಟನೆಯನ್ನು ಜಿಲ್ಲಾ ಪಂಚಾಯತಿ ಮುಖ್ಯ ಕಾರ್ಯನಿರ್ವಾಹಕ ಅಧಿಕಾರಿ ಮೋನಾ ರೋತ್ ಅವರು ಉದ್ಘಾಟಿಸಿದರು. ದೊಡ್ಡಿಂದುವಾಡಿ ಗ್ರಾಮದ ಅಂಗನವಾಡಿ ಕೇಂದ್ರವನ್ನು ಉದ್ಘಾಟಿಸಿ ಮಾತನಾಡಿದ ಅವರು, ಮಕ್ಕಳ ಕಲಿಕೆಗೆ ಉತ್ತಮ ವಾತಾವರಣ ಕಲ್ಪಿಸುವ ನಿಟ್ಟಿನಲ್ಲಿ ಈ ಅಂಗನವಾಡಿ ಕೇಂದ್ರವು ಮಾದರಿಯಾಗಿ ನಿರ್ಮಾಣವಾಗಿದೆ. ಸಮುದಾಯದ ಸಹಭಾಗಿತ್ವದಿಂದ ಇಂತಹ ಕೇಂದ್ರಗಳ ನಿರ್ಮಾಣದಲ್ಲಿ ಸಹಕಾರ ನೀಡಿದ ಸಂಸ್ಥೆಗಳು ಅಭಿನಂದನಾರ್ಹ ಎಂದರು.
ಫ್ಲೂಯಿಡ್ ಪವರ್ ಇಂಡಿಯಾ ಪ್ರೈವೇಟ್ ಲಿಮಿಟೆಡ್ ಅವರ ಸಹಯೋಗದೊಂದಿಗೆ ಅಮಿಗಾ ಫೌಂಡೇಶನ್ ಟ್ರಸ್ಟ್‌ಗಳ ಒಟ್ಟು 50 ಲಕ್ಷ ರೂ. ವೆಚ್ಚದಲ್ಲಿ ಆಧುನಿಕ ಸೌಲಭ್ಯಗಳೊಂದಿಗೆ 2019 ವರ್ಷದಿಂದ ಜಿಲ್ಲೆಯಲ್ಲಿ ಅಂಗನವಾಡಿ ಕೇಂದ್ರಗಳ ನಿರ್ಮಾಣ ಮಾಡುತ್ತಿದ್ದು, ಮಕ್ಕಳಿಗೆ ಉತ್ತಮ ಆಟಿಕೆ, ಗ್ರಂಥಾಲಯ, ಕಲಿಕಾ ಸಾಮಗ್ರಿ ಹಾಗೂ ಶೌಚಾಲಯ ವ್ಯವಸ್ಥೆ ಕಲ್ಪಿಸಲಾಗಿದೆ. ಅಂಗನವಾಡಿ ಮಕ್ಕಳ ಪೋಷಕರು ಹಾಗೂ ಗ್ರಾಮಸ್ಥರು ಕಾರ್ಯಕ್ರಮದಲ್ಲಿ ಭಾಗವಹಿಸಿದ್ದರು.
ಅಮಿಗಾ ಫೌಂಡೇಶನ್ ವ್ಯಾಲ್ಯೂವಲ್ಯ ಫ್ಲೂಯಿಡ್ ಪವರ್ ಇಂಡಿಯಾ ಪ್ರೈವೇಟ್ ಲಿಮಿಟೆಡ್ ಸಹಯೋಗದೊಂದಿಗೆ ಜಿಲ್ಲೆಯ 17 ಜಿಲ್ಲೆಗಳಲ್ಲಿ ಅಂಗನವಾಡಿ ಕೇಂದ್ರಗಳನ್ನು ನಿರ್ಮಿಸಿದ್ದು, ಕೆಲವೆಡೆ ಕೆ.ಕೆ.ತಿಂಗಳಿನಿಂದ, ದೊಡ್ಡಿಂದುವಾಡಿ ಗ್ರಾಮದಲ್ಲಿ ಅಂಗನವಾಡಿ ಮಕ್ಕಳಿಗೆ ಉತ್ತಮ ಕಲಿಕಾ ವಾತಾವರಣ ಸೃಷ್ಟಿಸುವ ಮೂಲಕ ಆಧಾರ ಕಲ್ಪಿಸಲಾಗಿದೆ. ಕಾರ್ಯಕ್ರಮದಲ್ಲಿ ಮಕ್ಕಳ ದಾಖಲಾತಿ ಹೆಚ್ಚಾಗಿದೆ. ಈ ಅಗತ್ಯವನ್ನು
ಗ್ರಾಮದಲ್ಲಿದ್ದುಕೊಂಡು, ಅಮಿಗಾ ಫೌಂಡೇಶನ್ ಮತ್ತು ವ್ಯಾಲ್ಯೂವಲ್ಯ ಫ್ಲೂಯಿಡ್ ಪವರ್ ಇಂಡಿಯಾ ಪ್ರೈ ಲಿಮಿಟೆಡ್ ಸಹಯೋಗದಿಂದ, ದೊಡ್ಡಿಂದುವಾಡಿ ಗ್ರಾಮದಲ್ಲಿ 40 ಕ್ಕೂ ಹೆಚ್ಚು ಮಕ್ಕಳಿಗೆ ಅನುಕೂಲವಾಗುವಂತೆ ಹೊಸ ಕಟ್ಟಡವನ್ನು ನಿರ್ಮಿಸಲಾಗಿದೆ ಎಂದರು. ಈ ಸಂದರ್ಭದಲ್ಲಿ ಜಿಲ್ಲಾ ಮಹಿಳಾ ಮತ್ತು ಮಕ್ಕಳ ಅಭಿವೃದ್ಧಿ ಇಲಾಖೆ ಉಪನಿರ್ದೇಶಕರು, ತಾ.ಪಂ ಇಒ, ಗುರುದಾಸಪ್ಪ, ಗ್ರಾ.ಪಂ ಅಧ್ಯಕ್ಷರು ಮತ್ತು ಸದಸ್ಯರು, ಸಿಡಿಪಿಒ, ಅಮಿಗಾ ಫೌಂಡೇಶನ್ ಪದಾಧಿಕಾರಿಗಳು, ಮಂಜೇರಿ ಧರ್ಮರಾಜು, ಮಂಜುಳಾ, ಕೆ.ಟಿ ರಂಗಸ್ವಾಮಿ, ಜೆಂಜಿ ಎಲ್ಜಿನ ರಿಚರ್ಡ್, ಹಾಗೂ ಟ್ರಸ್ಟ್‌ನ ಸಿಬ್ಬಂದಿಗಳು, ಮಕ್ಕಳು, ಪೋಷಕರು ಹಾಗೂ ಇತರರು ಹಾಜರಿದ್ದರು.
